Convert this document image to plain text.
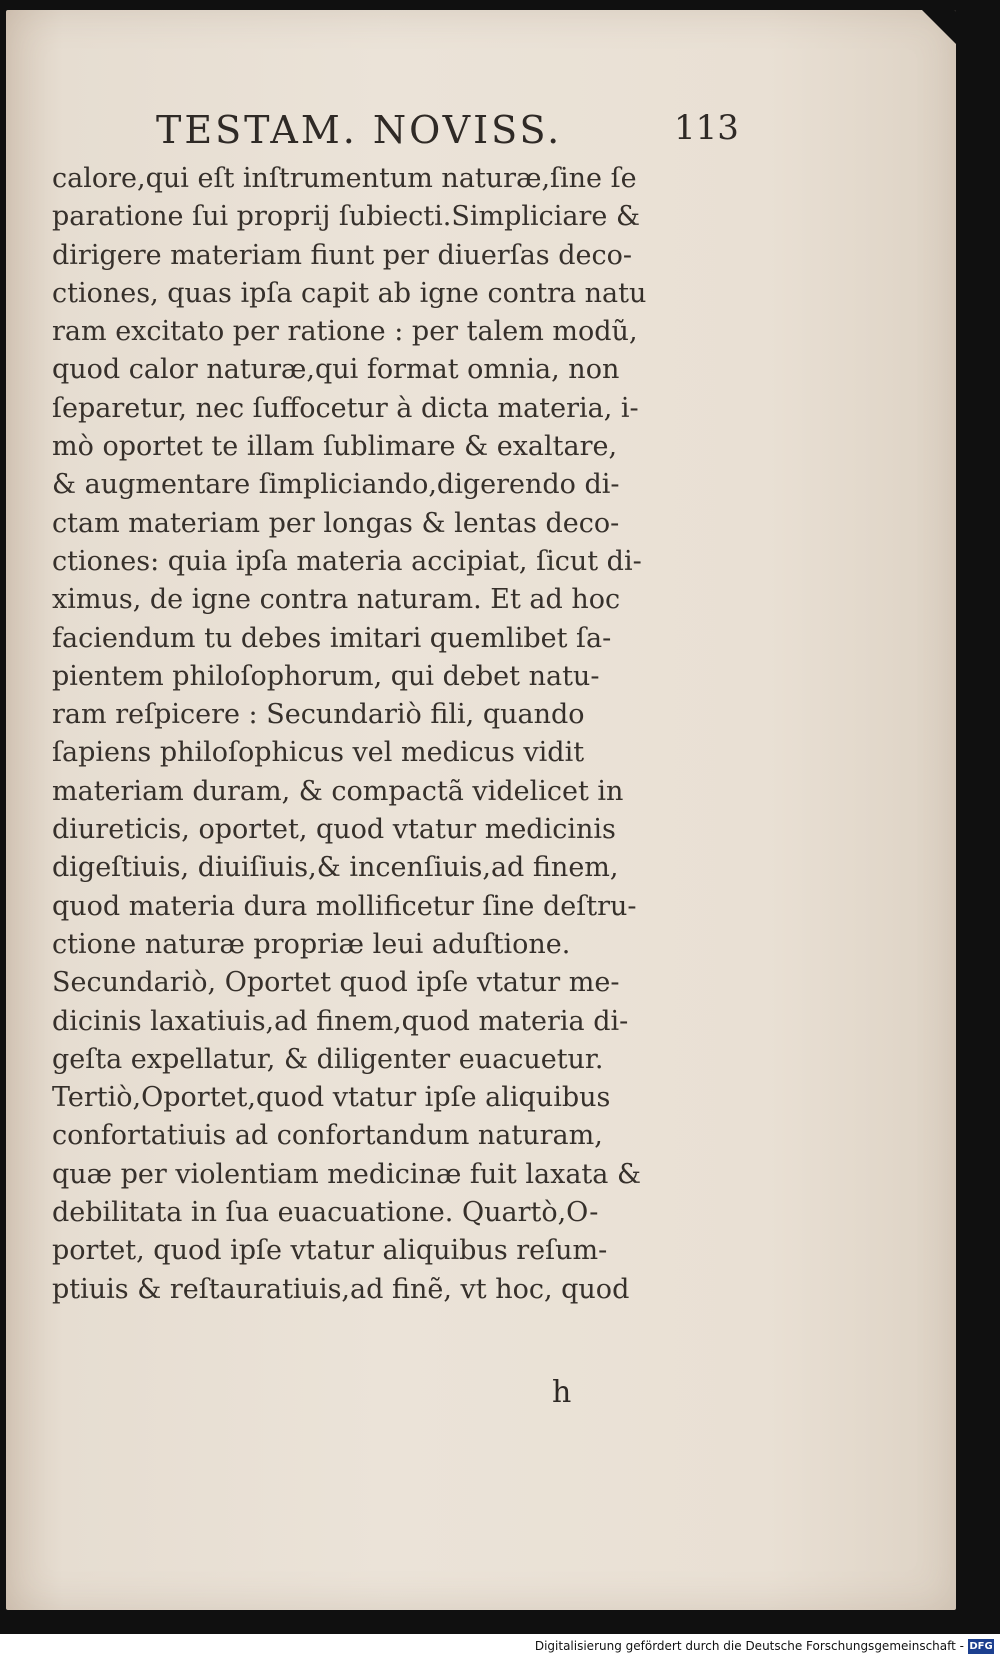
TESTAM. NOVISS.	113
calore,qui eſt inſtrumentum naturæ,ſine ſe
paratione ſui proprij ſubiecti.Simpliciare &
dirigere materiam fiunt per diuerſas deco-
ctiones, quas ipſa capit ab igne contra natu
ram excitato per ratione : per talem modũ,
quod calor naturæ,qui format omnia, non
ſeparetur, nec ſuffocetur à dicta materia, i-
mò oportet te illam ſublimare & exaltare,
& augmentare ſimpliciando,digerendo di-
ctam materiam per longas & lentas deco-
ctiones: quia ipſa materia accipiat, ſicut di-
ximus, de igne contra naturam. Et ad hoc
faciendum tu debes imitari quemlibet ſa-
pientem philoſophorum, qui debet natu-
ram reſpicere : Secundariò fili, quando
ſapiens philoſophicus vel medicus vidit
materiam duram, & compactã videlicet in
diureticis, oportet, quod vtatur medicinis
digeſtiuis, diuiſiuis,& incenſiuis,ad finem,
quod materia dura mollificetur ſine deſtru-
ctione naturæ propriæ leui aduſtione.
Secundariò, Oportet quod ipſe vtatur me-
dicinis laxatiuis,ad finem,quod materia di-
geſta expellatur, & diligenter euacuetur.
Tertiò,Oportet,quod vtatur ipſe aliquibus
confortatiuis ad confortandum naturam,
quæ per violentiam medicinæ fuit laxata &
debilitata in ſua euacuatione. Quartò,O-
portet, quod ipſe vtatur aliquibus reſum-
ptiuis & reſtauratiuis,ad finẽ, vt hoc, quod
h
Digitalisierung gefördert durch die Deutsche Forschungsgemeinschaft - DFG
